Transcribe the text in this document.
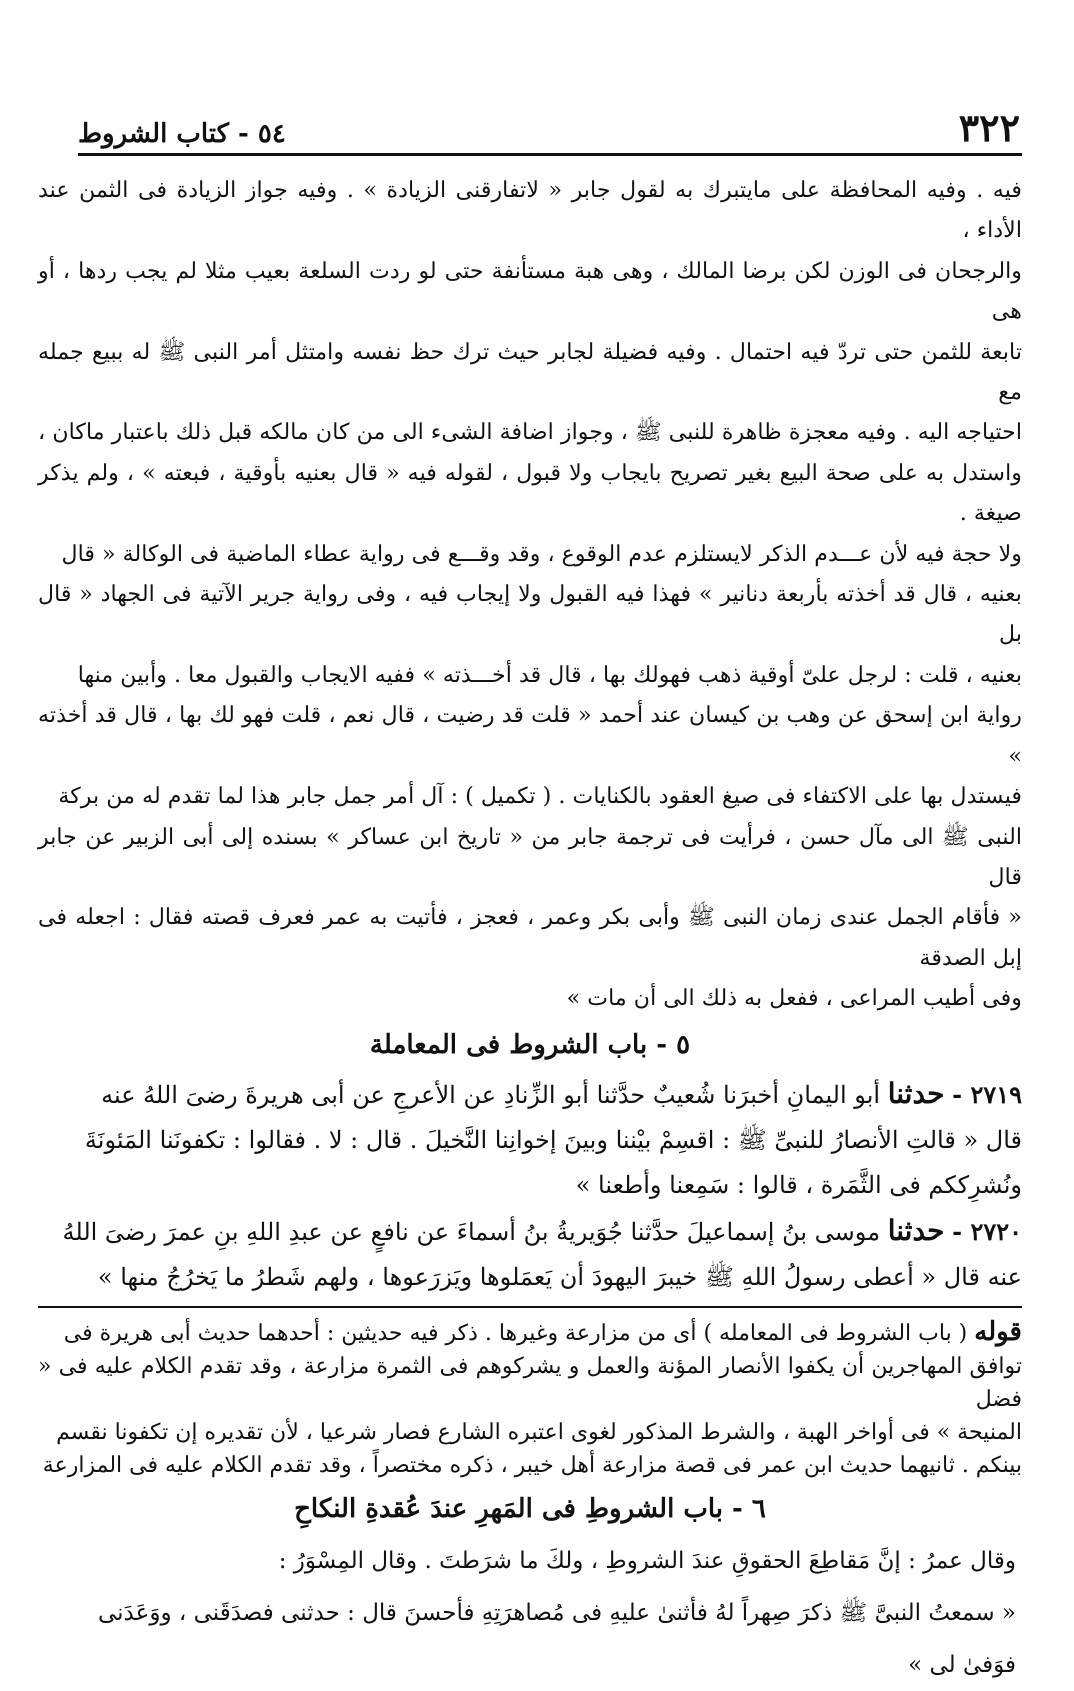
٥٤ - كتاب الشروط	٣٢٢
فيه . وفيه المحافظة على مايتبرك به لقول جابر « لاتفارقنى الزيادة » . وفيه جواز الزيادة فى الثمن عند الأداء ،
والرجحان فى الوزن لكن برضا المالك ، وهى هبة مستأنفة حتى لو ردت السلعة بعيب مثلا لم يجب ردها ، أو هى
تابعة للثمن حتى تردّ فيه احتمال . وفيه فضيلة لجابر حيث ترك حظ نفسه وامتثل أمر النبى ﷺ له ببيع جمله مع
احتياجه اليه . وفيه معجزة ظاهرة للنبى ﷺ ، وجواز اضافة الشىء الى من كان مالكه قبل ذلك باعتبار ماكان ،
واستدل به على صحة البيع بغير تصريح بايجاب ولا قبول ، لقوله فيه « قال بعنيه بأوقية ، فبعته » ، ولم يذكر صيغة .
ولا حجة فيه لأن عـــدم الذكر لايستلزم عدم الوقوع ، وقد وقـــع فى رواية عطاء الماضية فى الوكالة « قال
بعنيه ، قال قد أخذته بأربعة دنانير » فهذا فيه القبول ولا إيجاب فيه ، وفى رواية جرير الآتية فى الجهاد « قال بل
بعنيه ، قلت : لرجل علىّ أوقية ذهب فهولك بها ، قال قد أخـــذته » ففيه الايجاب والقبول معا . وأبين منها
رواية ابن إسحق عن وهب بن كيسان عند أحمد « قلت قد رضيت ، قال نعم ، قلت فهو لك بها ، قال قد أخذته »
فيستدل بها على الاكتفاء فى صيغ العقود بالكنايات . ( تكميل ) : آل أمر جمل جابر هذا لما تقدم له من بركة
النبى ﷺ الى مآل حسن ، فرأيت فى ترجمة جابر من « تاريخ ابن عساكر » بسنده إلى أبى الزبير عن جابر قال
« فأقام الجمل عندى زمان النبى ﷺ وأبى بكر وعمر ، فعجز ، فأتيت به عمر فعرف قصته فقال : اجعله فى إبل الصدقة
وفى أطيب المراعى ، ففعل به ذلك الى أن مات »

٥ - باب الشروط فى المعاملة

٢٧١٩ - حدثنا أبو اليمانِ أخبرَنا شُعيبٌ حدَّثنا أبو الزِّنادِ عن الأعرجِ عن أبى هريرةَ رضىَ اللهُ عنه
قال « قالتِ الأنصارُ للنبىِّ ﷺ : اقسِمْ بيْننا وبينَ إخوانِنا النَّخيلَ . قال : لا . فقالوا : تكفونَنا المَئونَةَ
ونُشرِككم فى الثَّمَرة ، قالوا : سَمِعنا وأطعنا »
٢٧٢٠ - حدثنا موسى بنُ إسماعيلَ حدَّثنا جُوَيريةُ بنُ أسماءَ عن نافعٍ عن عبدِ اللهِ بنِ عمرَ رضىَ اللهُ
عنه قال « أعطى رسولُ اللهِ ﷺ خيبرَ اليهودَ أن يَعمَلوها ويَزرَعوها ، ولهم شَطرُ ما يَخرُجُ منها »
قوله ( باب الشروط فى المعامله ) أى من مزارعة وغيرها . ذكر فيه حديثين : أحدهما حديث أبى هريرة فى
توافق المهاجرين أن يكفوا الأنصار المؤنة والعمل و يشركوهم فى الثمرة مزارعة ، وقد تقدم الكلام عليه فى « فضل
المنيحة » فى أواخر الهبة ، والشرط المذكور لغوى اعتبره الشارع فصار شرعيا ، لأن تقديره إن تكفونا نقسم
بينكم . ثانيهما حديث ابن عمر فى قصة مزارعة أهل خيبر ، ذكره مختصراً ، وقد تقدم الكلام عليه فى المزارعة

٦ - باب الشروطِ فى المَهرِ عندَ عُقدةِ النكاحِ

وقال عمرُ : إنَّ مَقاطِعَ الحقوقِ عندَ الشروطِ ، ولكَ ما شرَطتَ . وقال المِسْوَرُ :
« سمعتُ النبىَّ ﷺ ذكرَ صِهراً لهُ فأثنىٰ عليهِ فى مُصاهرَتِهِ فأحسنَ قال : حدثنى فصدَقَنى ، ووَعَدَنى
فوَفىٰ لى »
